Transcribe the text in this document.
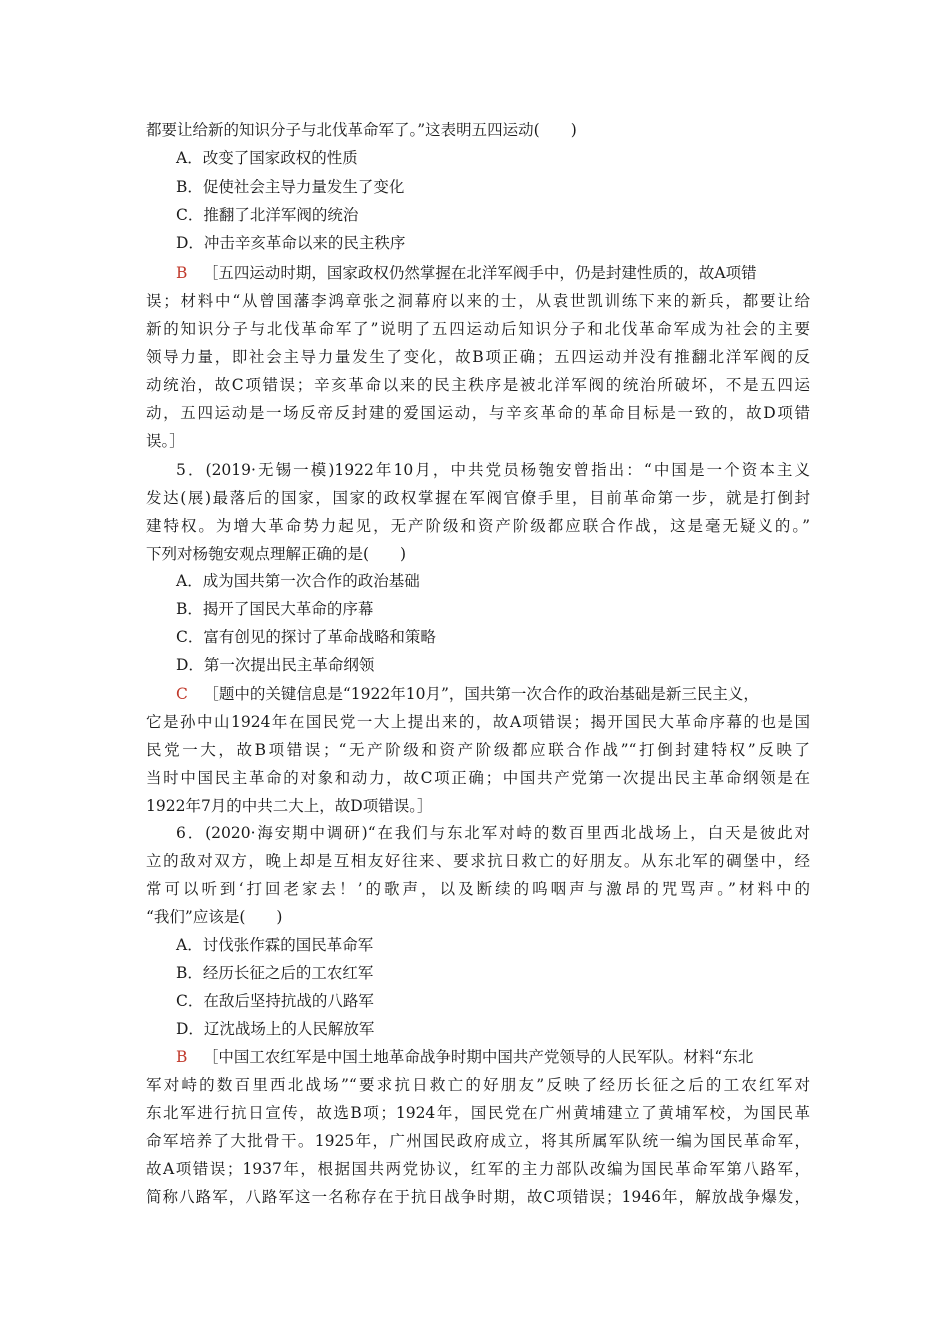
都要让给新的知识分子与北伐革命军了。”这表明五四运动(　　)
A．改变了国家政权的性质
B．促使社会主导力量发生了变化
C．推翻了北洋军阀的统治
D．冲击辛亥革命以来的民主秩序
B  ［五四运动时期，国家政权仍然掌握在北洋军阀手中，仍是封建性质的，故A项错
误；材料中“从曾国藩李鸿章张之洞幕府以来的士，从袁世凯训练下来的新兵，都要让给
新的知识分子与北伐革命军了”说明了五四运动后知识分子和北伐革命军成为社会的主要
领导力量，即社会主导力量发生了变化，故B项正确；五四运动并没有推翻北洋军阀的反
动统治，故C项错误；辛亥革命以来的民主秩序是被北洋军阀的统治所破坏，不是五四运
动，五四运动是一场反帝反封建的爱国运动，与辛亥革命的革命目标是一致的，故D项错
误。］
5．(2019·无锡一模)1922年10月，中共党员杨匏安曾指出：“中国是一个资本主义
发达(展)最落后的国家，国家的政权掌握在军阀官僚手里，目前革命第一步，就是打倒封
建特权。为增大革命势力起见，无产阶级和资产阶级都应联合作战，这是毫无疑义的。”
下列对杨匏安观点理解正确的是(　　)
A．成为国共第一次合作的政治基础
B．揭开了国民大革命的序幕
C．富有创见的探讨了革命战略和策略
D．第一次提出民主革命纲领
C  ［题中的关键信息是“1922年10月”，国共第一次合作的政治基础是新三民主义，
它是孙中山1924年在国民党一大上提出来的，故A项错误；揭开国民大革命序幕的也是国
民党一大，故B项错误；“无产阶级和资产阶级都应联合作战”“打倒封建特权”反映了
当时中国民主革命的对象和动力，故C项正确；中国共产党第一次提出民主革命纲领是在
1922年7月的中共二大上，故D项错误。］
6．(2020·海安期中调研)“在我们与东北军对峙的数百里西北战场上，白天是彼此对
立的敌对双方，晚上却是互相友好往来、要求抗日救亡的好朋友。从东北军的碉堡中，经
常可以听到‘打回老家去！’的歌声，以及断续的呜咽声与激昂的咒骂声。”材料中的
“我们”应该是(　　)
A．讨伐张作霖的国民革命军
B．经历长征之后的工农红军
C．在敌后坚持抗战的八路军
D．辽沈战场上的人民解放军
B  ［中国工农红军是中国土地革命战争时期中国共产党领导的人民军队。材料“东北
军对峙的数百里西北战场”“要求抗日救亡的好朋友”反映了经历长征之后的工农红军对
东北军进行抗日宣传，故选B项；1924年，国民党在广州黄埔建立了黄埔军校，为国民革
命军培养了大批骨干。1925年，广州国民政府成立，将其所属军队统一编为国民革命军，
故A项错误；1937年，根据国共两党协议，红军的主力部队改编为国民革命军第八路军，
简称八路军，八路军这一名称存在于抗日战争时期，故C项错误；1946年，解放战争爆发，
